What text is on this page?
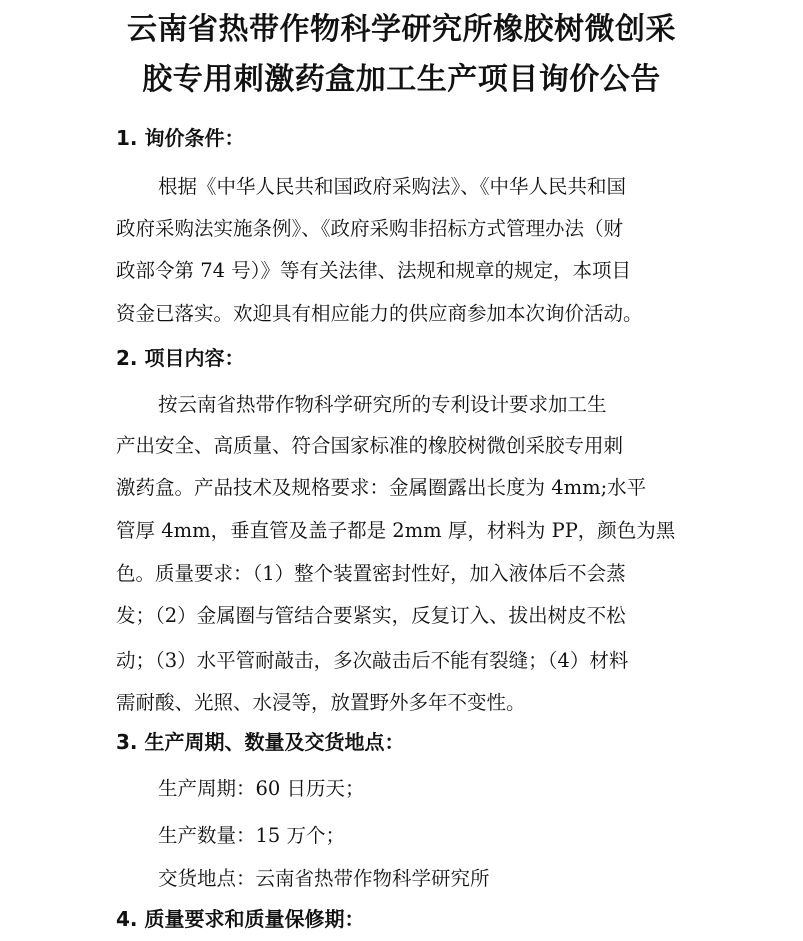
云南省热带作物科学研究所橡胶树微创采
胶专用刺激药盒加工生产项目询价公告
1. 询价条件：
根据《中华人民共和国政府采购法》、《中华人民共和国
政府采购法实施条例》、《政府采购非招标方式管理办法（财
政部令第 74 号）》等有关法律、法规和规章的规定，本项目
资金已落实。欢迎具有相应能力的供应商参加本次询价活动。
2. 项目内容：
按云南省热带作物科学研究所的专利设计要求加工生
产出安全、高质量、符合国家标准的橡胶树微创采胶专用刺
激药盒。产品技术及规格要求：金属圈露出长度为 4mm;水平
管厚 4mm，垂直管及盖子都是 2mm 厚，材料为 PP，颜色为黑
色。质量要求：（1）整个装置密封性好，加入液体后不会蒸
发；（2）金属圈与管结合要紧实，反复订入、拔出树皮不松
动；（3）水平管耐敲击，多次敲击后不能有裂缝；（4）材料
需耐酸、光照、水浸等，放置野外多年不变性。
3. 生产周期、数量及交货地点：
生产周期：60 日历天；
生产数量：15 万个；
交货地点：云南省热带作物科学研究所
4. 质量要求和质量保修期：
